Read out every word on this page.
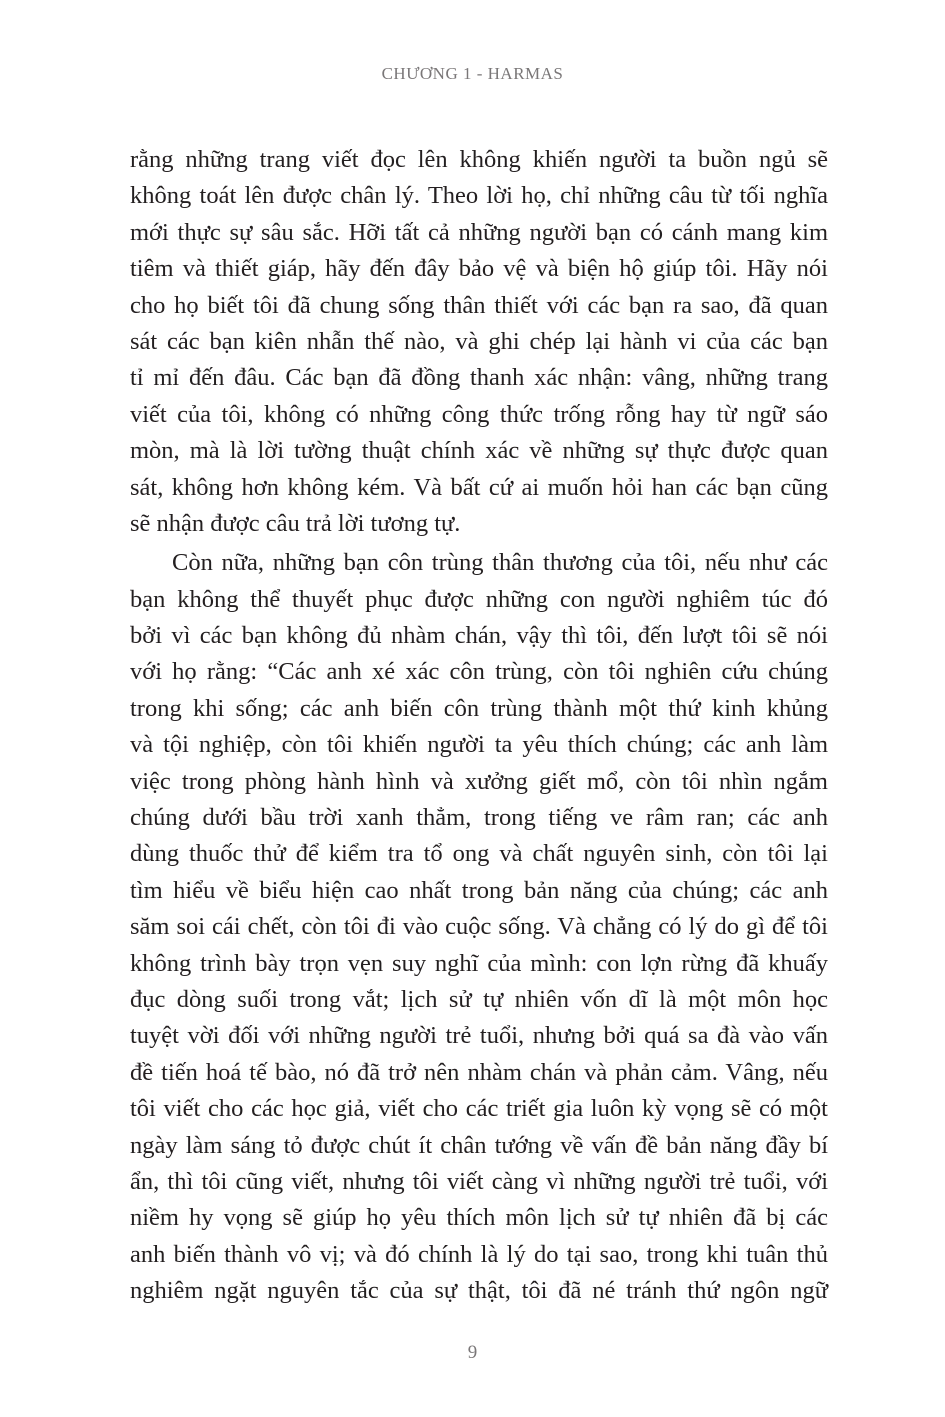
CHƯƠNG 1 - HARMAS
rằng những trang viết đọc lên không khiến người ta buồn ngủ sẽ
không toát lên được chân lý. Theo lời họ, chỉ những câu từ tối nghĩa
mới thực sự sâu sắc. Hỡi tất cả những người bạn có cánh mang kim
tiêm và thiết giáp, hãy đến đây bảo vệ và biện hộ giúp tôi. Hãy nói
cho họ biết tôi đã chung sống thân thiết với các bạn ra sao, đã quan
sát các bạn kiên nhẫn thế nào, và ghi chép lại hành vi của các bạn
tỉ mỉ đến đâu. Các bạn đã đồng thanh xác nhận: vâng, những trang
viết của tôi, không có những công thức trống rỗng hay từ ngữ sáo
mòn, mà là lời tường thuật chính xác về những sự thực được quan
sát, không hơn không kém. Và bất cứ ai muốn hỏi han các bạn cũng
sẽ nhận được câu trả lời tương tự.
Còn nữa, những bạn côn trùng thân thương của tôi, nếu như các
bạn không thể thuyết phục được những con người nghiêm túc đó
bởi vì các bạn không đủ nhàm chán, vậy thì tôi, đến lượt tôi sẽ nói
với họ rằng: “Các anh xé xác côn trùng, còn tôi nghiên cứu chúng
trong khi sống; các anh biến côn trùng thành một thứ kinh khủng
và tội nghiệp, còn tôi khiến người ta yêu thích chúng; các anh làm
việc trong phòng hành hình và xưởng giết mổ, còn tôi nhìn ngắm
chúng dưới bầu trời xanh thẳm, trong tiếng ve râm ran; các anh
dùng thuốc thử để kiểm tra tổ ong và chất nguyên sinh, còn tôi lại
tìm hiểu về biểu hiện cao nhất trong bản năng của chúng; các anh
săm soi cái chết, còn tôi đi vào cuộc sống. Và chẳng có lý do gì để tôi
không trình bày trọn vẹn suy nghĩ của mình: con lợn rừng đã khuấy
đục dòng suối trong vắt; lịch sử tự nhiên vốn dĩ là một môn học
tuyệt vời đối với những người trẻ tuổi, nhưng bởi quá sa đà vào vấn
đề tiến hoá tế bào, nó đã trở nên nhàm chán và phản cảm. Vâng, nếu
tôi viết cho các học giả, viết cho các triết gia luôn kỳ vọng sẽ có một
ngày làm sáng tỏ được chút ít chân tướng về vấn đề bản năng đầy bí
ẩn, thì tôi cũng viết, nhưng tôi viết càng vì những người trẻ tuổi, với
niềm hy vọng sẽ giúp họ yêu thích môn lịch sử tự nhiên đã bị các
anh biến thành vô vị; và đó chính là lý do tại sao, trong khi tuân thủ
nghiêm ngặt nguyên tắc của sự thật, tôi đã né tránh thứ ngôn ngữ
9
